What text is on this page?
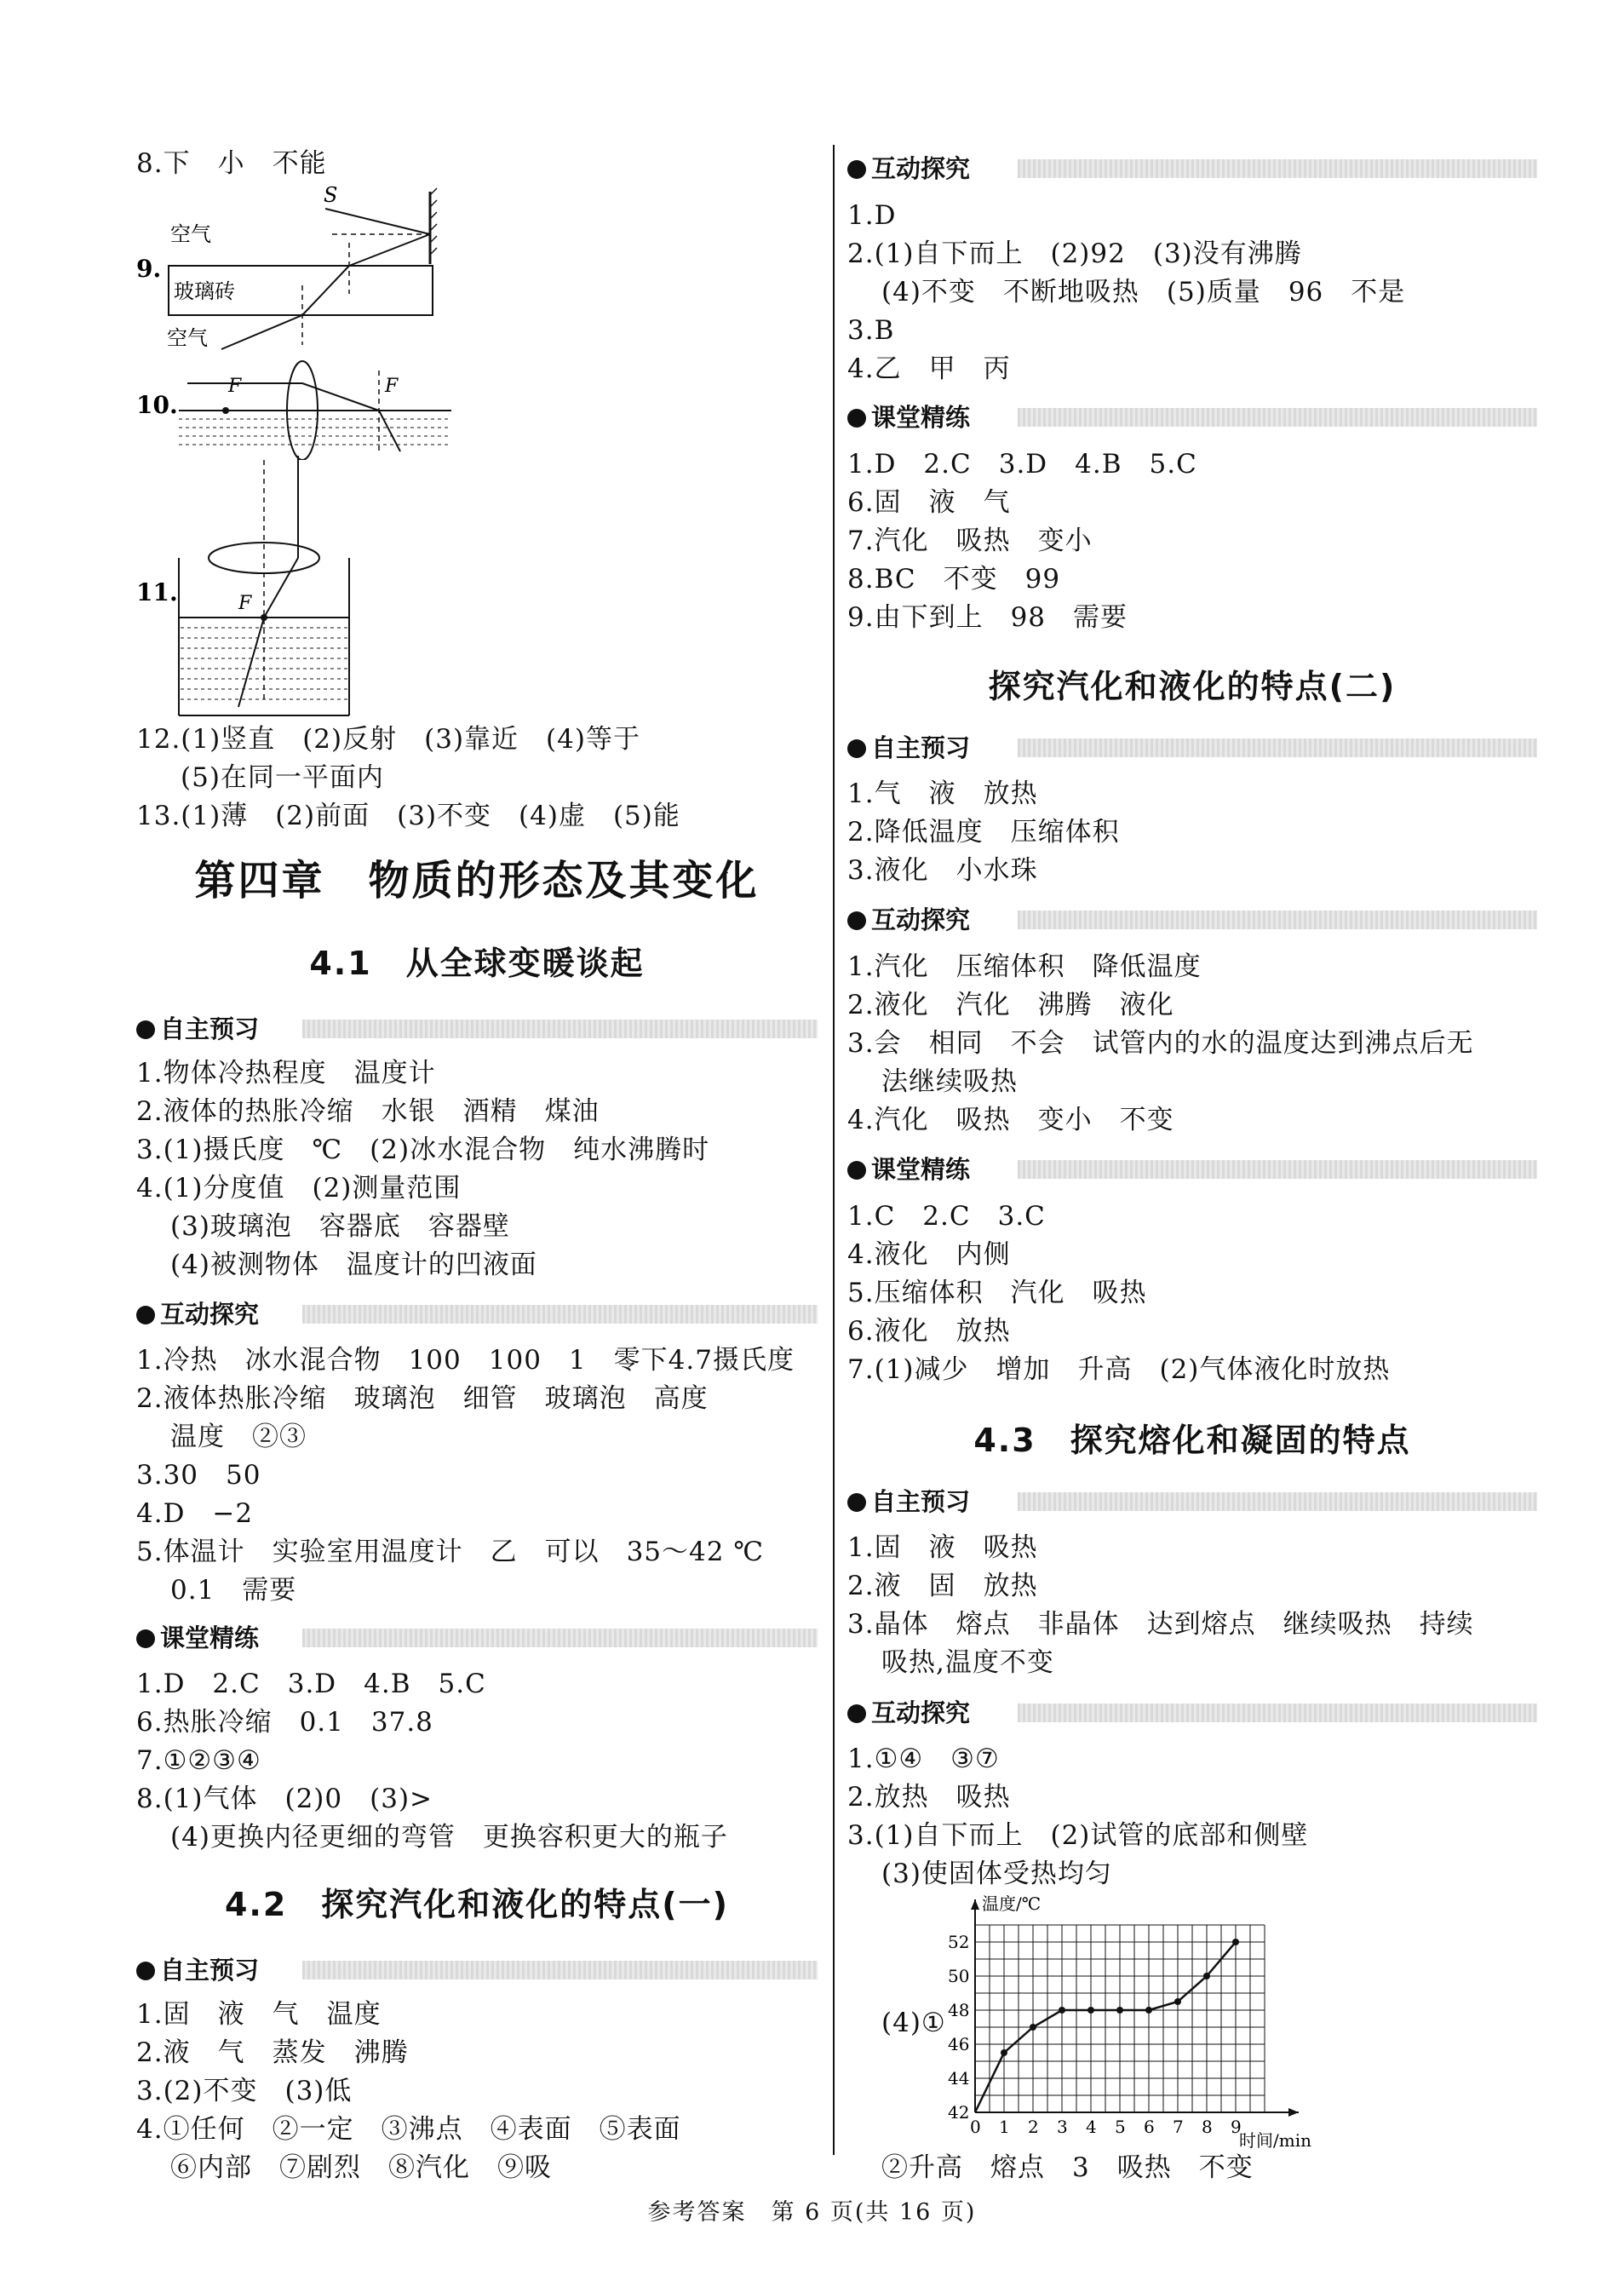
8.下　小　不能
9.
空气
玻璃砖
空气
S
10.
F	F
11.	F
12.(1)竖直　(2)反射　(3)靠近　(4)等于
(5)在同一平面内
13.(1)薄　(2)前面　(3)不变　(4)虚　(5)能
第四章　物质的形态及其变化
4.1　从全球变暖谈起
自主预习
1.物体冷热程度　温度计
2.液体的热胀冷缩　水银　酒精　煤油
3.(1)摄氏度　℃　(2)冰水混合物　纯水沸腾时
4.(1)分度值　(2)测量范围
(3)玻璃泡　容器底　容器壁
(4)被测物体　温度计的凹液面
互动探究
1.冷热　冰水混合物　100　100　1　零下4.7摄氏度
2.液体热胀冷缩　玻璃泡　细管　玻璃泡　高度
温度　②③
3.30　50
4.D　−2
5.体温计　实验室用温度计　乙　可以　35～42 ℃
0.1　需要
课堂精练
1.D　2.C　3.D　4.B　5.C
6.热胀冷缩　0.1　37.8
7.①②③④
8.(1)气体　(2)0　(3)>
(4)更换内径更细的弯管　更换容积更大的瓶子
4.2　探究汽化和液化的特点(一)
自主预习
1.固　液　气　温度
2.液　气　蒸发　沸腾
3.(2)不变　(3)低
4.①任何　②一定　③沸点　④表面　⑤表面
⑥内部　⑦剧烈　⑧汽化　⑨吸
互动探究
1.D
2.(1)自下而上　(2)92　(3)没有沸腾
(4)不变　不断地吸热　(5)质量　96　不是
3.B
4.乙　甲　丙
课堂精练
1.D　2.C　3.D　4.B　5.C
6.固　液　气
7.汽化　吸热　变小
8.BC　不变　99
9.由下到上　98　需要
探究汽化和液化的特点(二)
自主预习
1.气　液　放热
2.降低温度　压缩体积
3.液化　小水珠
互动探究
1.汽化　压缩体积　降低温度
2.液化　汽化　沸腾　液化
3.会　相同　不会　试管内的水的温度达到沸点后无
法继续吸热
4.汽化　吸热　变小　不变
课堂精练
1.C　2.C　3.C
4.液化　内侧
5.压缩体积　汽化　吸热
6.液化　放热
7.(1)减少　增加　升高　(2)气体液化时放热
4.3　探究熔化和凝固的特点
自主预习
1.固　液　吸热
2.液　固　放热
3.晶体　熔点　非晶体　达到熔点　继续吸热　持续
吸热,温度不变
互动探究
1.①④　③⑦
2.放热　吸热
3.(1)自下而上　(2)试管的底部和侧壁
(3)使固体受热均匀
(4)①
温度/℃
时间/min
0 1 2 3 4 5 6 7 8 9
42
44
46
48
50
52
②升高　熔点　3　吸热　不变
参考答案　第 6 页(共 16 页)
